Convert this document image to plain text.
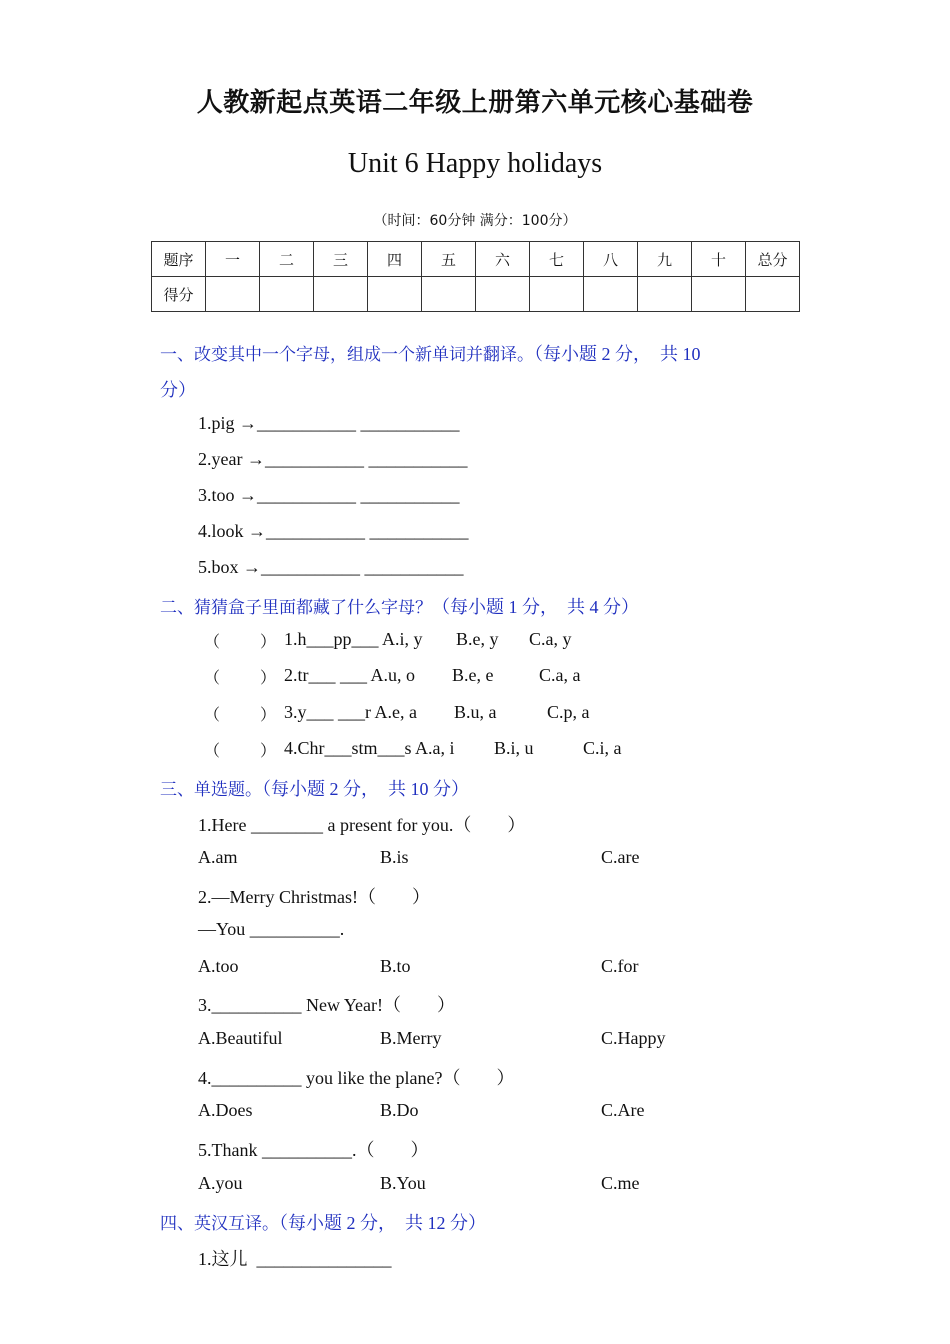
人教新起点英语二年级上册第六单元核心基础卷
Unit 6 Happy holidays
（时间：60分钟 满分：100分）
题序	一	二	三	四	五	六	七	八	九	十	总分
得分											
一、改变其中一个字母，组成一个新单词并翻译。（每小题 2 分，  共 10
分）
1.pig →___________ ___________
2.year →___________ ___________
3.too →___________ ___________
4.look →___________ ___________
5.box →___________ ___________
二、猜猜盒子里面都藏了什么字母？（每小题 1 分，  共 4 分）
（          ） 1.h___pp___ A.i, y B.e, y C.a, y
（          ） 2.tr___ ___ A.u, o B.e, e	C.a, a
（          ） 3.y___ ___r A.e, a B.u, a	C.p, a
（          ） 4.Chr___stm___s A.a, i B.i, u	C.i, a
三、单选题。（每小题 2 分，  共 10 分）
1.Here ________ a present for you.（        ）
A.am	B.is	C.are
2.—Merry Christmas!（        ）
—You __________.
A.too	B.to	C.for
3.__________ New Year!（        ）
A.Beautiful	B.Merry	C.Happy
4.__________ you like the plane?（        ）
A.Does	B.Do	C.Are
5.Thank __________.（        ）
A.you	B.You	C.me
四、英汉互译。（每小题 2 分，  共 12 分）
1.这儿  _______________
